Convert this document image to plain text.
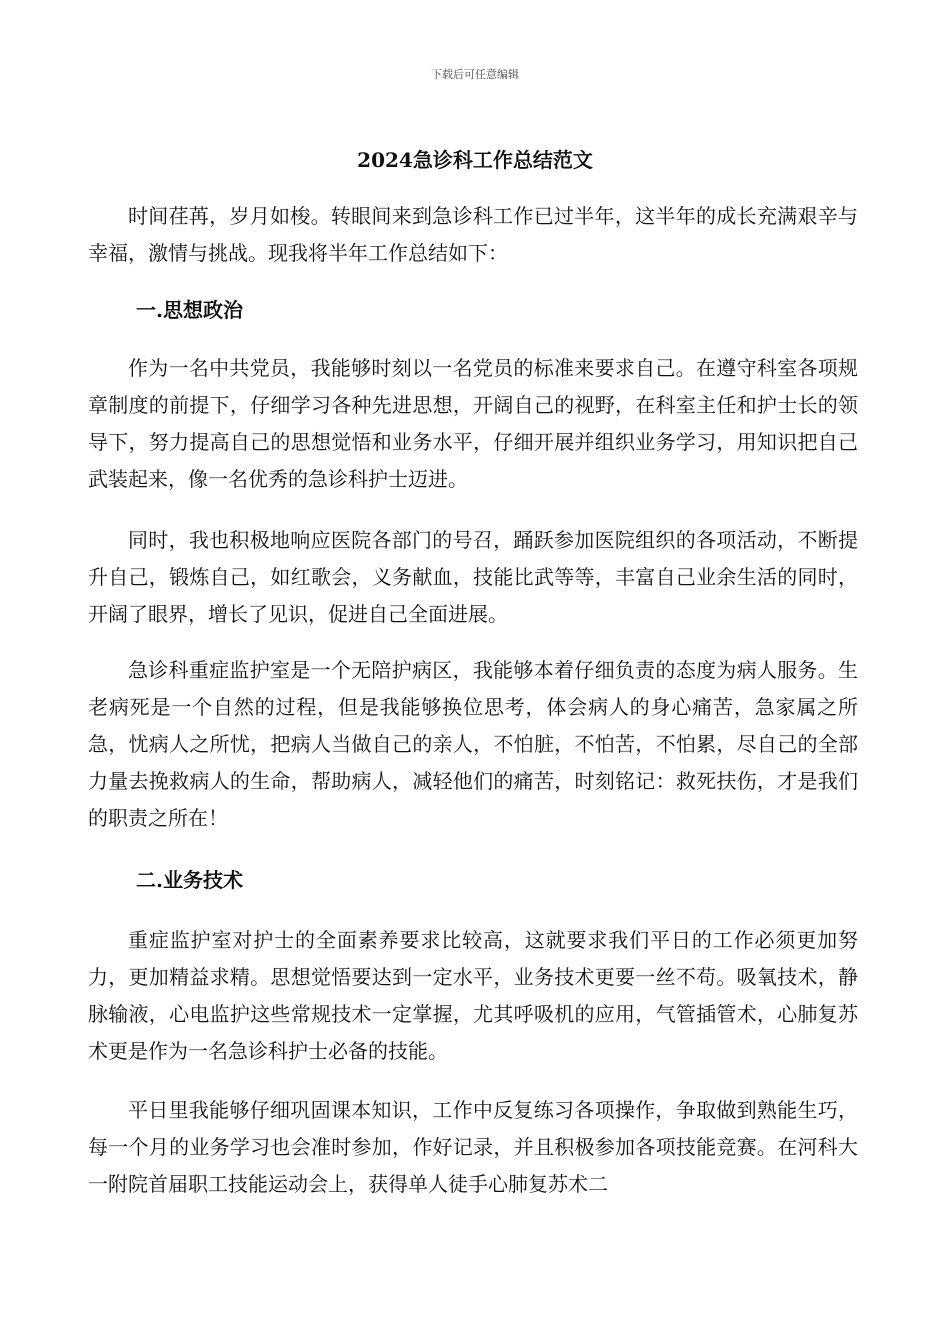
下载后可任意编辑
2024急诊科工作总结范文

时间荏苒，岁月如梭。转眼间来到急诊科工作已过半年，这半年的成长充满艰辛与幸福，激情与挑战。现我将半年工作总结如下：

一.思想政治

作为一名中共党员，我能够时刻以一名党员的标准来要求自己。在遵守科室各项规章制度的前提下，仔细学习各种先进思想，开阔自己的视野，在科室主任和护士长的领导下，努力提高自己的思想觉悟和业务水平，仔细开展并组织业务学习，用知识把自己武装起来，像一名优秀的急诊科护士迈进。

同时，我也积极地响应医院各部门的号召，踊跃参加医院组织的各项活动，不断提升自己，锻炼自己，如红歌会，义务献血，技能比武等等，丰富自己业余生活的同时，开阔了眼界，增长了见识，促进自己全面进展。

急诊科重症监护室是一个无陪护病区，我能够本着仔细负责的态度为病人服务。生老病死是一个自然的过程，但是我能够换位思考，体会病人的身心痛苦，急家属之所急，忧病人之所忧，把病人当做自己的亲人，不怕脏，不怕苦，不怕累，尽自己的全部力量去挽救病人的生命，帮助病人，减轻他们的痛苦，时刻铭记：救死扶伤，才是我们的职责之所在！

二.业务技术

重症监护室对护士的全面素养要求比较高，这就要求我们平日的工作必须更加努力，更加精益求精。思想觉悟要达到一定水平，业务技术更要一丝不苟。吸氧技术，静脉输液，心电监护这些常规技术一定掌握，尤其呼吸机的应用，气管插管术，心肺复苏术更是作为一名急诊科护士必备的技能。

平日里我能够仔细巩固课本知识，工作中反复练习各项操作，争取做到熟能生巧，每一个月的业务学习也会准时参加，作好记录，并且积极参加各项技能竞赛。在河科大一附院首届职工技能运动会上，获得单人徒手心肺复苏术二
